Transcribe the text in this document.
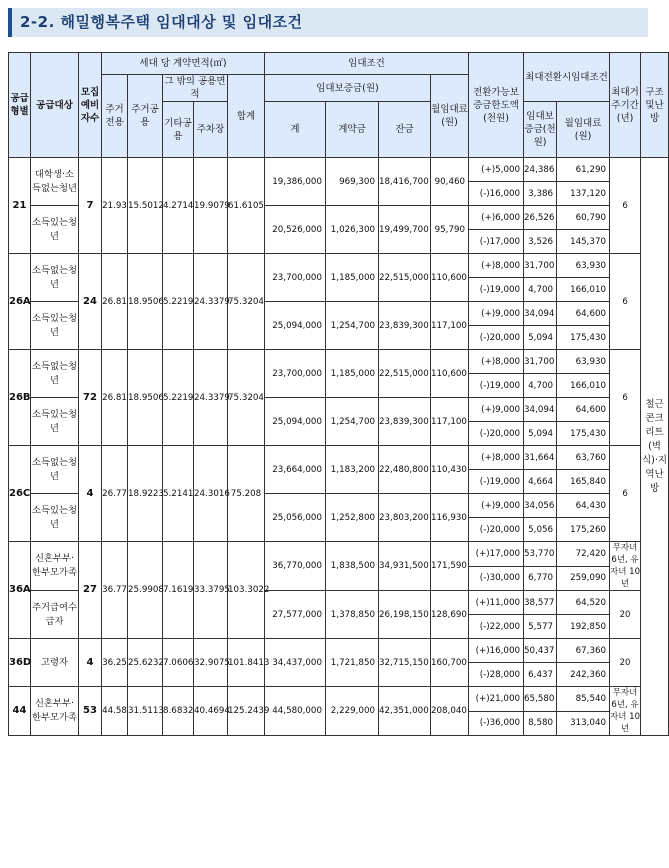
2-2. 해밀행복주택 임대대상 및 임대조건
공급형별	공급대상	모집예비자수	세대 당 계약면적(㎡)					임대조건				전환가능보증금한도액(천원)	최대전환시임대조건		최대거주기간(년)	구조및난방
			주거전용	주거공용	그 밖의 공용면적		합계	임대보증금(원)			월임대료(원)					
					기타공용	주차장		계	계약금	잔금			임대보증금(천원)	월임대료(원)		
21	대학생·소득없는청년	7	21.93	15.5012	4.2714	19.9079	61.6105	19,386,000	969,300	18,416,700	90,460	(+)5,000	24,386	61,290	6	철근콘크리트(벽식)·지역난방
												(-)16,000	3,386	137,120		
	소득있는청년							20,526,000	1,026,300	19,499,700	95,790	(+)6,000	26,526	60,790		
												(-)17,000	3,526	145,370		
26A	소득없는청년	24	26.81	18.9506	5.2219	24.3379	75.3204	23,700,000	1,185,000	22,515,000	110,600	(+)8,000	31,700	63,930	6	
												(-)19,000	4,700	166,010		
	소득있는청년							25,094,000	1,254,700	23,839,300	117,100	(+)9,000	34,094	64,600		
												(-)20,000	5,094	175,430		
26B	소득없는청년	72	26.81	18.9506	5.2219	24.3379	75.3204	23,700,000	1,185,000	22,515,000	110,600	(+)8,000	31,700	63,930	6	
												(-)19,000	4,700	166,010		
	소득있는청년							25,094,000	1,254,700	23,839,300	117,100	(+)9,000	34,094	64,600		
												(-)20,000	5,094	175,430		
26C	소득없는청년	4	26.77	18.9223	5.2141	24.3016	75.208	23,664,000	1,183,200	22,480,800	110,430	(+)8,000	31,664	63,760	6	
												(-)19,000	4,664	165,840		
	소득있는청년							25,056,000	1,252,800	23,803,200	116,930	(+)9,000	34,056	64,430		
												(-)20,000	5,056	175,260		
36A	신혼부부·한부모가족	27	36.77	25.9908	7.1619	33.3795	103.3022	36,770,000	1,838,500	34,931,500	171,590	(+)17,000	53,770	72,420	무자녀 6년, 유자녀 10년	
												(-)30,000	6,770	259,090		
	주거급여수급자							27,577,000	1,378,850	26,198,150	128,690	(+)11,000	38,577	64,520	20	
												(-)22,000	5,577	192,850		
36D	고령자	4	36.25	25.6232	7.0606	32.9075	101.8413	34,437,000	1,721,850	32,715,150	160,700	(+)16,000	50,437	67,360	20	
												(-)28,000	6,437	242,360		
44	신혼부부·한부모가족	53	44.58	31.5113	8.6832	40.4694	125.2439	44,580,000	2,229,000	42,351,000	208,040	(+)21,000	65,580	85,540	무자녀 6년, 유자녀 10년	
												(-)36,000	8,580	313,040		
